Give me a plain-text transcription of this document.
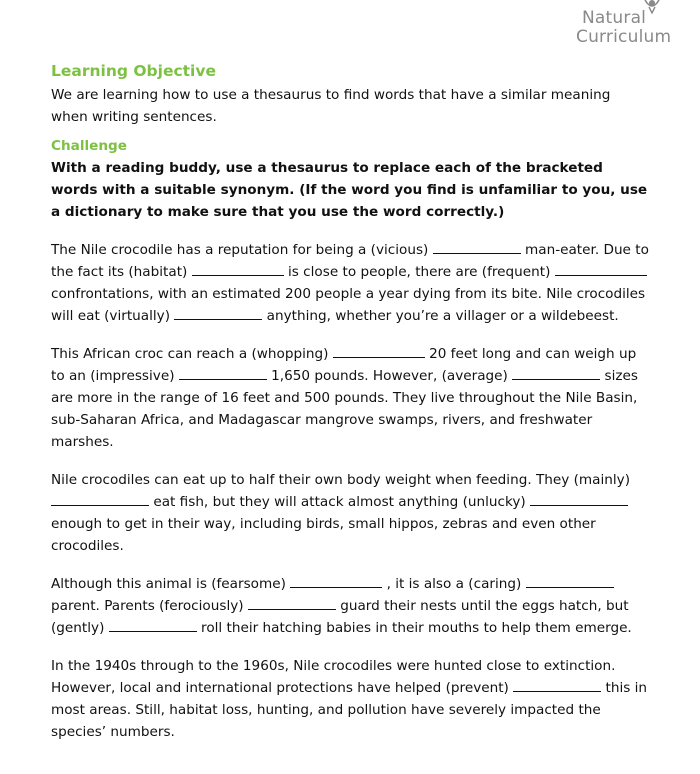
Natural
Curriculum
Learning Objective

We are learning how to use a thesaurus to find words that have a similar meaning when writing sentences.

Challenge

With a reading buddy, use a thesaurus to replace each of the bracketed words with a suitable synonym. (If the word you find is unfamiliar to you, use a dictionary to make sure that you use the word correctly.)

The Nile crocodile has a reputation for being a (vicious)	man-eater. Due to the fact its (habitat)	is close to people, there are (frequent)  confrontations, with an estimated 200 people a year dying from its bite. Nile crocodiles will eat (virtually)	anything, whether you’re a villager or a wildebeest.

This African croc can reach a (whopping)	20 feet long and can weigh up to an (impressive)	1,650 pounds. However, (average)	sizes are more in the range of 16 feet and 500 pounds. They live throughout the Nile Basin, sub-Saharan Africa, and Madagascar mangrove swamps, rivers, and freshwater marshes.

Nile crocodiles can eat up to half their own body weight when feeding. They (mainly)  eat fish, but they will attack almost anything (unlucky)  enough to get in their way, including birds, small hippos, zebras and even other crocodiles.

Although this animal is (fearsome)	, it is also a (caring)  parent. Parents (ferociously)	guard their nests until the eggs hatch, but (gently)	roll their hatching babies in their mouths to help them emerge.

In the 1940s through to the 1960s, Nile crocodiles were hunted close to extinction. However, local and international protections have helped (prevent)	this in most areas. Still, habitat loss, hunting, and pollution have severely impacted the species’ numbers.
